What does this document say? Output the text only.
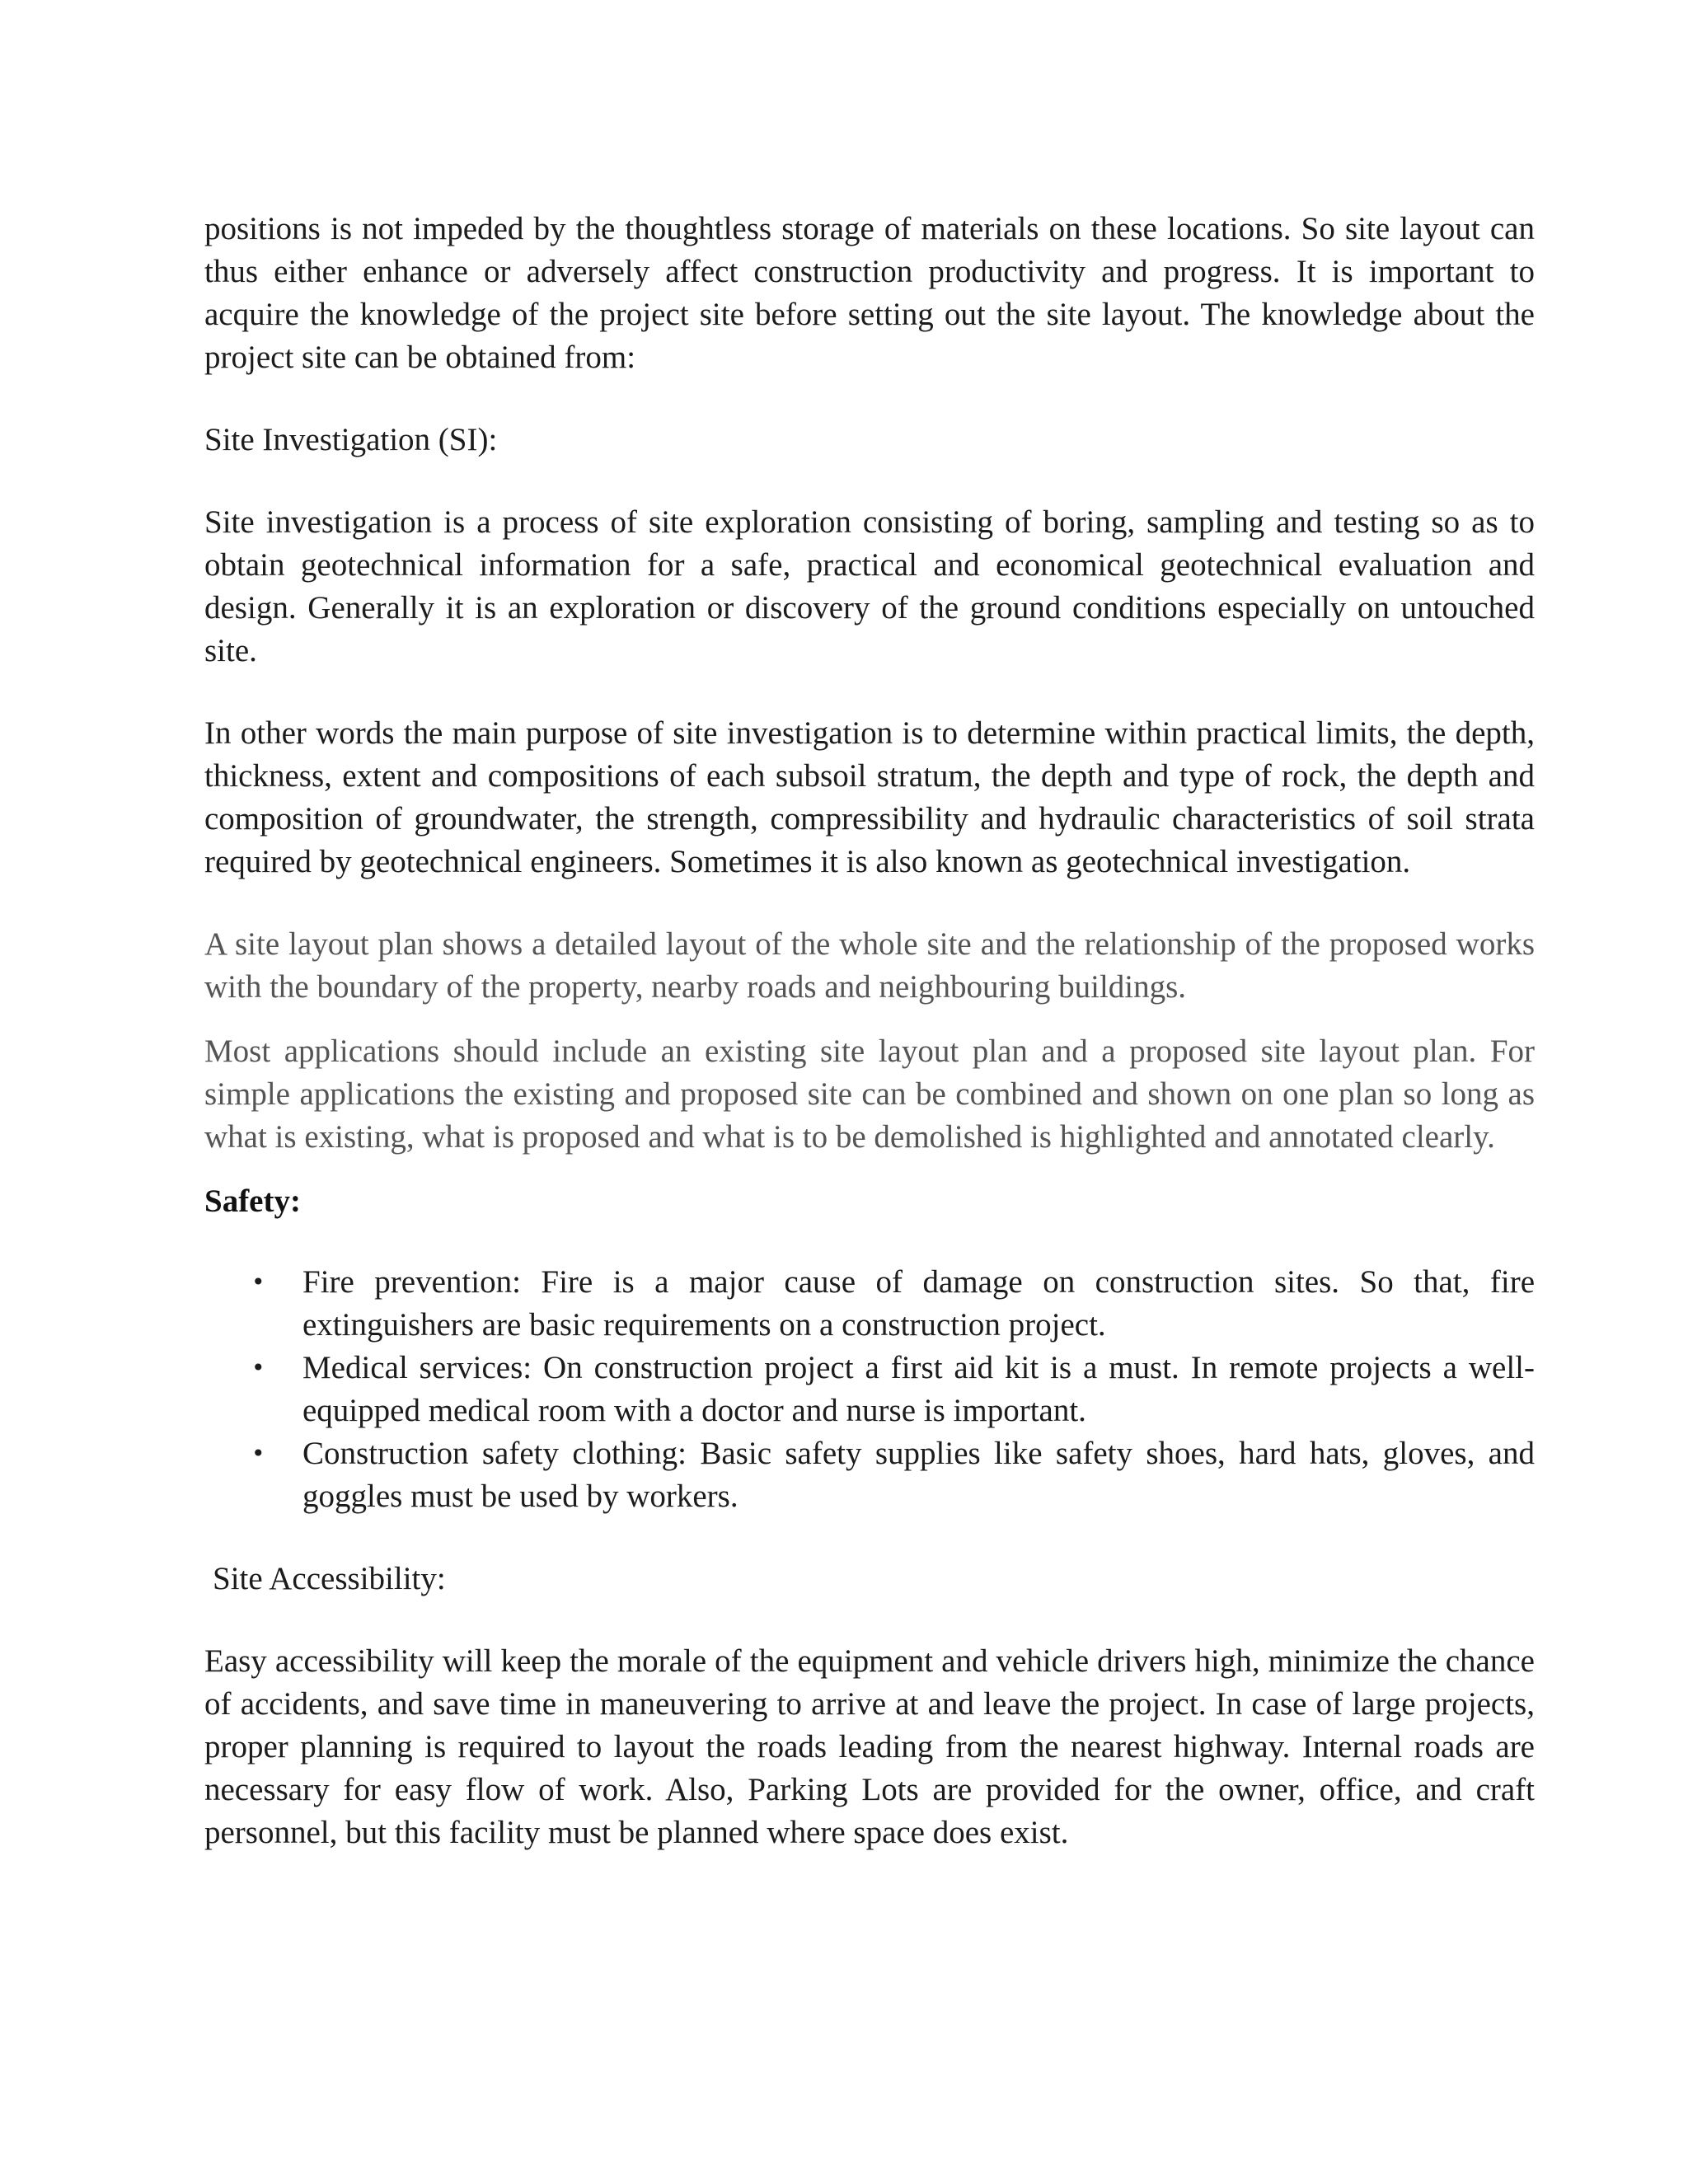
positions is not impeded by the thoughtless storage of materials on these locations. So site layout can thus either enhance or adversely affect construction productivity and progress. It is important to acquire the knowledge of the project site before setting out the site layout. The knowledge about the project site can be obtained from:

Site Investigation (SI):

Site investigation is a process of site exploration consisting of boring, sampling and testing so as to obtain geotechnical information for a safe, practical and economical geotechnical evaluation and design. Generally it is an exploration or discovery of the ground conditions especially on untouched site.

In other words the main purpose of site investigation is to determine within practical limits, the depth, thickness, extent and compositions of each subsoil stratum, the depth and type of rock, the depth and composition of groundwater, the strength, compressibility and hydraulic characteristics of soil strata required by geotechnical engineers. Sometimes it is also known as geotechnical investigation.

A site layout plan shows a detailed layout of the whole site and the relationship of the proposed works with the boundary of the property, nearby roads and neighbouring buildings.

Most applications should include an existing site layout plan and a proposed site layout plan. For simple applications the existing and proposed site can be combined and shown on one plan so long as what is existing, what is proposed and what is to be demolished is highlighted and annotated clearly.

Safety:

• Fire prevention: Fire is a major cause of damage on construction sites. So that, fire extinguishers are basic requirements on a construction project.
• Medical services: On construction project a first aid kit is a must. In remote projects a well-equipped medical room with a doctor and nurse is important.
• Construction safety clothing: Basic safety supplies like safety shoes, hard hats, gloves, and goggles must be used by workers.

Site Accessibility:

Easy accessibility will keep the morale of the equipment and vehicle drivers high, minimize the chance of accidents, and save time in maneuvering to arrive at and leave the project. In case of large projects, proper planning is required to layout the roads leading from the nearest highway. Internal roads are necessary for easy flow of work. Also, Parking Lots are provided for the owner, office, and craft personnel, but this facility must be planned where space does exist.
